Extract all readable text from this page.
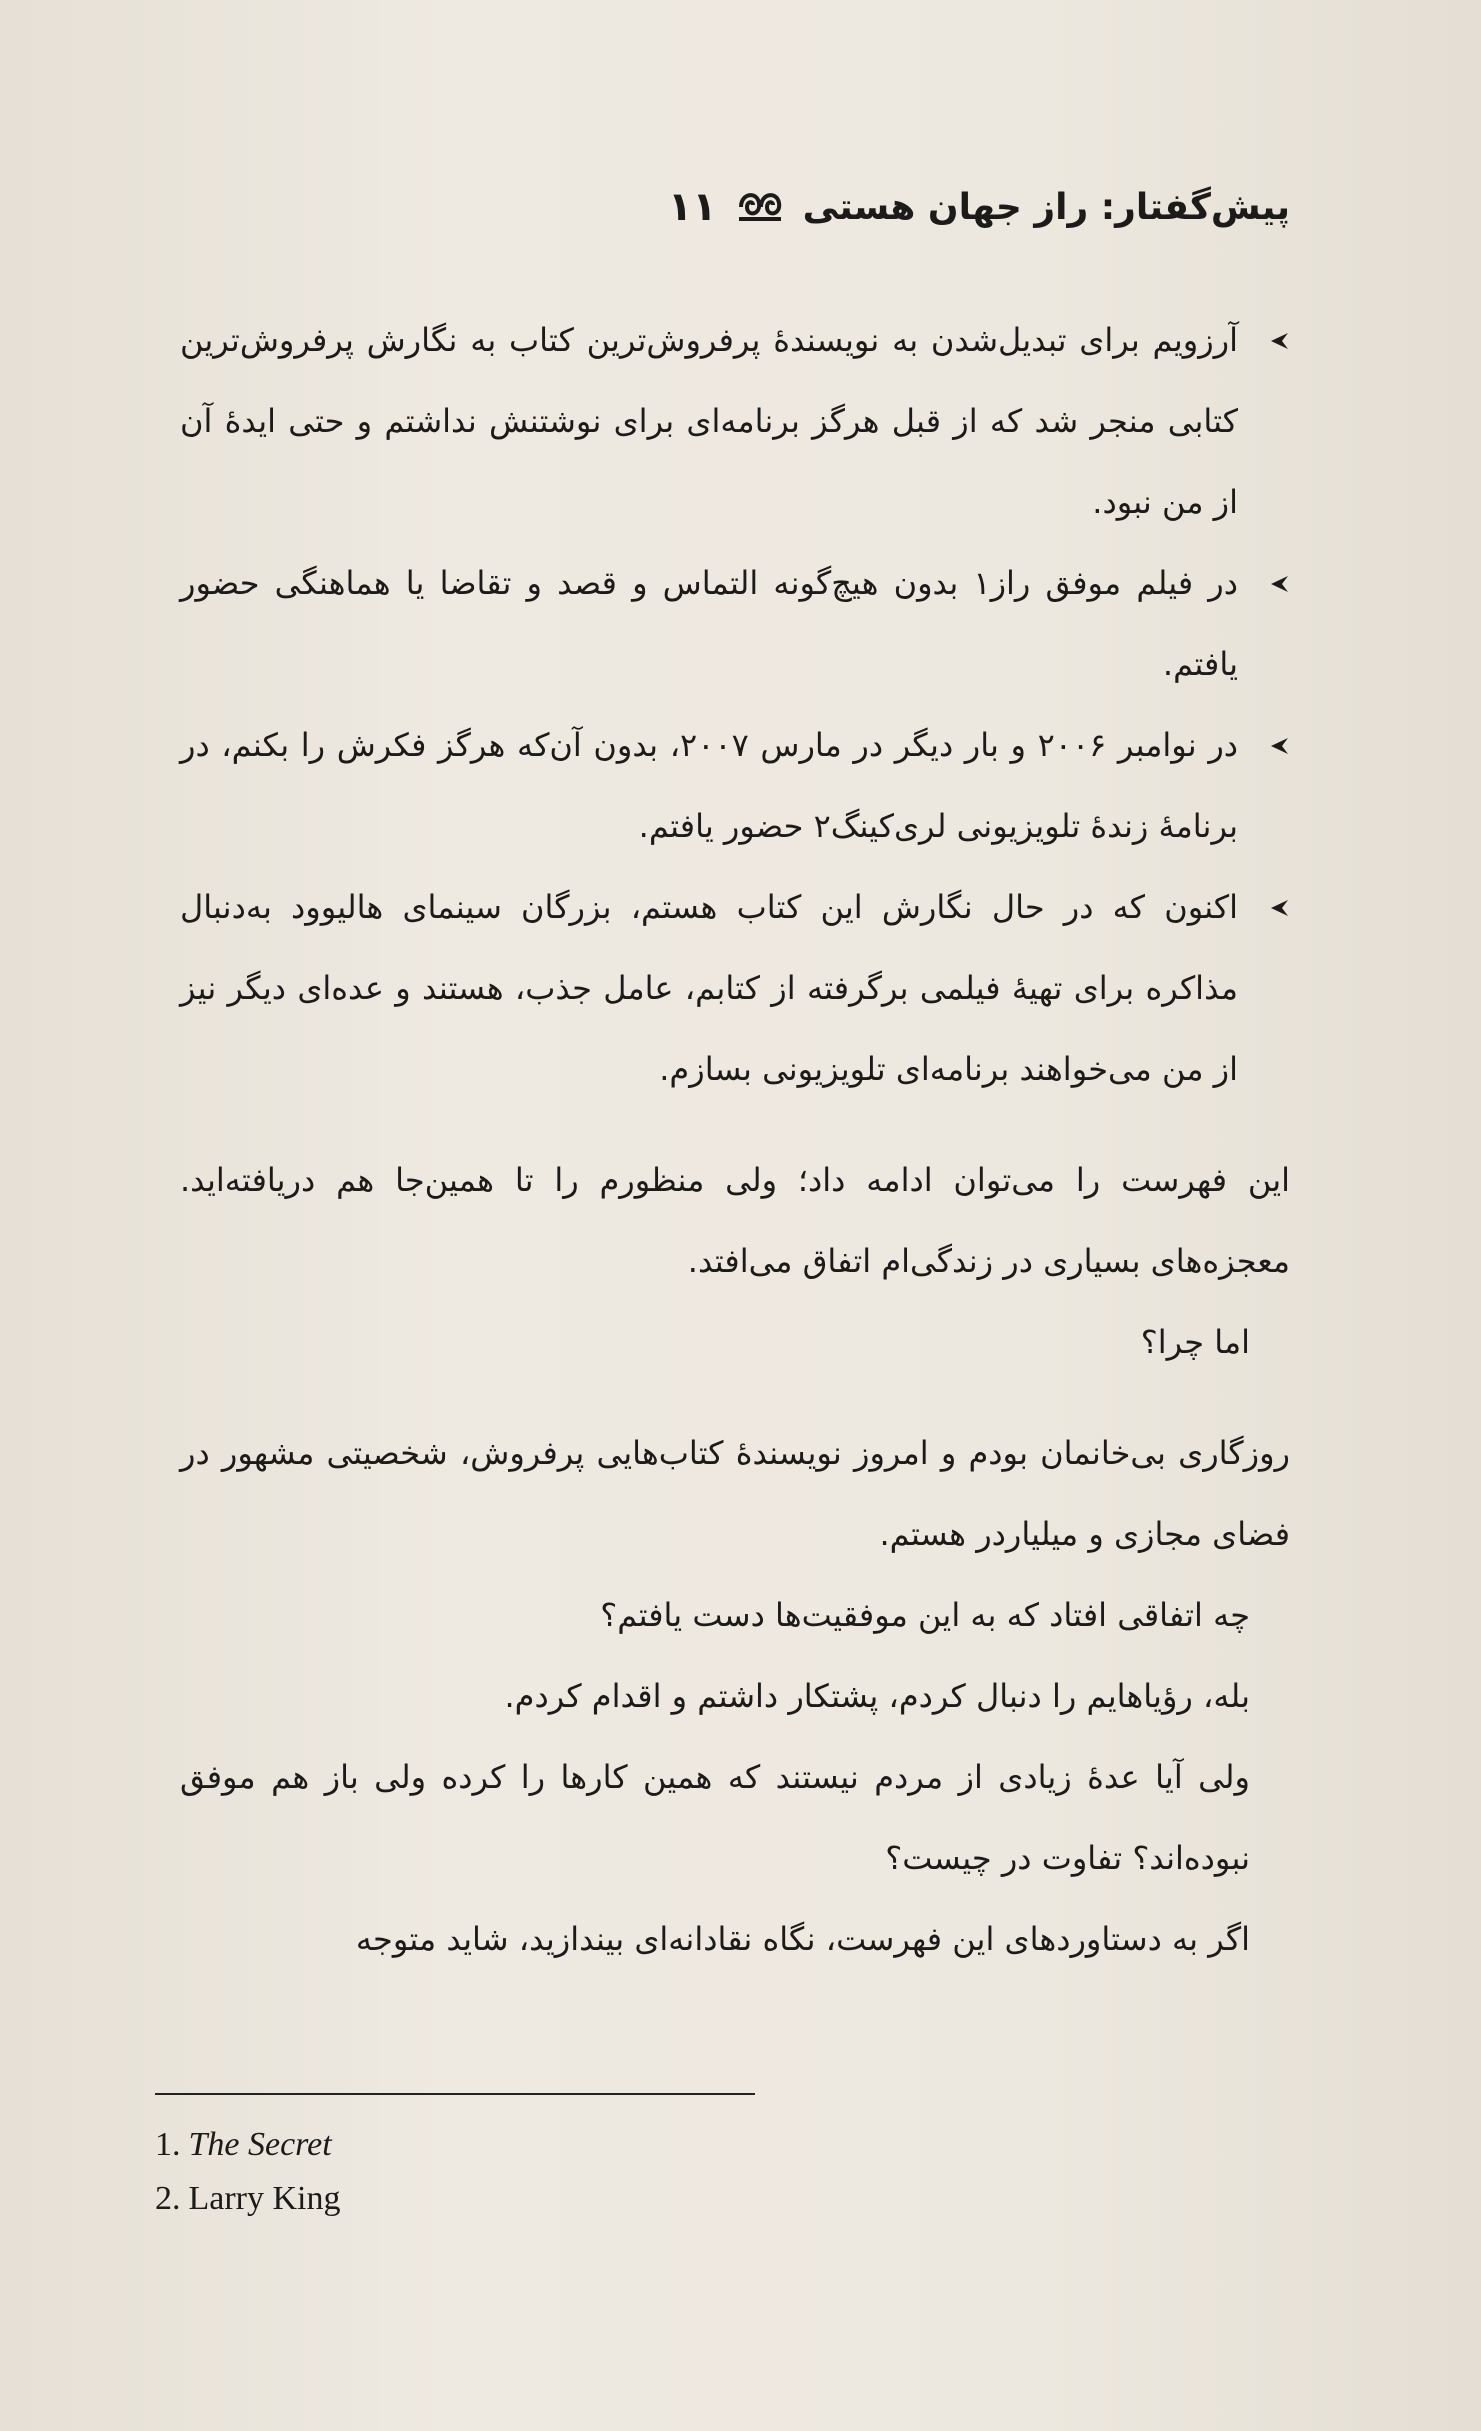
پیش‌گفتار: راز جهان هستی
۱۱
آرزویم برای تبدیل‌شدن به نویسندهٔ پرفروش‌ترین کتاب به نگارش پرفروش‌ترین کتابی منجر شد که از قبل هرگز برنامه‌ای برای نوشتنش نداشتم و حتی ایدهٔ آن از من نبود.
در فیلم موفق راز۱ بدون هیچ‌گونه التماس و قصد و تقاضا یا هماهنگی حضور یافتم.
در نوامبر ۲۰۰۶ و بار دیگر در مارس ۲۰۰۷، بدون آن‌که هرگز فکرش را بکنم، در برنامهٔ زندهٔ تلویزیونی لری‌کینگ۲ حضور یافتم.
اکنون که در حال نگارش این کتاب هستم، بزرگان سینمای هالیوود به‌دنبال مذاکره برای تهیهٔ فیلمی برگرفته از کتابم، عامل جذب، هستند و عده‌ای دیگر نیز از من می‌خواهند برنامه‌ای تلویزیونی بسازم.

این فهرست را می‌توان ادامه داد؛ ولی منظورم را تا همین‌جا هم دریافته‌اید. معجزه‌های بسیاری در زندگی‌ام اتفاق می‌افتد.

اما چرا؟

روزگاری بی‌خانمان بودم و امروز نویسندهٔ کتاب‌هایی پرفروش، شخصیتی مشهور در فضای مجازی و میلیاردر هستم.

چه اتفاقی افتاد که به این موفقیت‌ها دست یافتم؟

بله، رؤیاهایم را دنبال کردم، پشتکار داشتم و اقدام کردم.

ولی آیا عدهٔ زیادی از مردم نیستند که همین کارها را کرده ولی باز هم موفق نبوده‌اند؟ تفاوت در چیست؟

اگر به دستاوردهای این فهرست، نگاه نقادانه‌ای بیندازید، شاید متوجه

1. The Secret
2. Larry King
